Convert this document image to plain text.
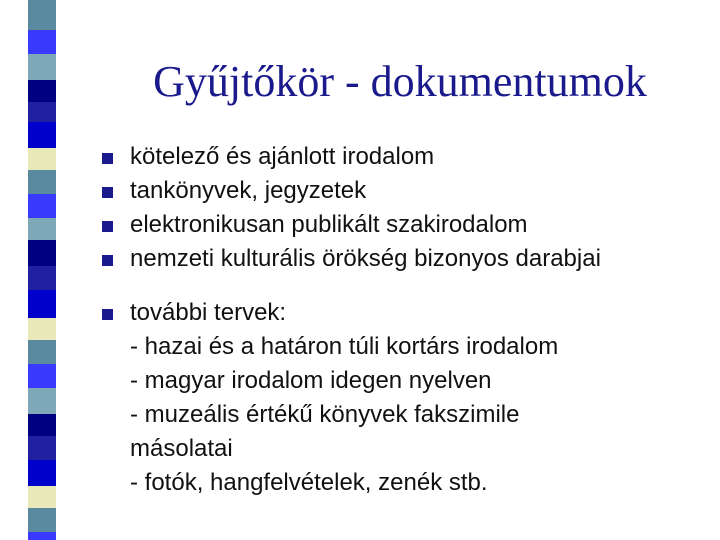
Gyűjtőkör - dokumentumok
kötelező és ajánlott irodalom
tankönyvek, jegyzetek
elektronikusan publikált szakirodalom
nemzeti kulturális örökség bizonyos darabjai
további tervek:
- hazai és a határon túli kortárs irodalom
- magyar irodalom idegen nyelven
- muzeális értékű könyvek fakszimile
másolatai
- fotók, hangfelvételek, zenék stb.
